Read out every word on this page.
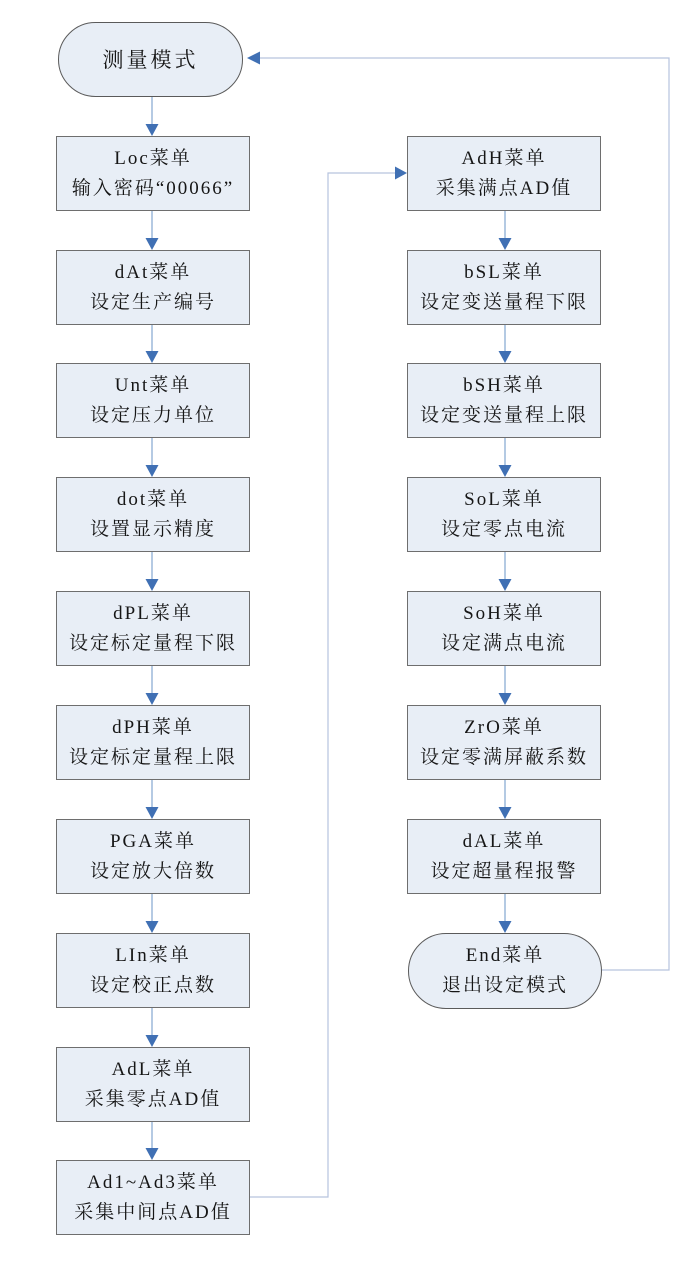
测量模式
Loc菜单
输入密码“00066”
dAt菜单
设定生产编号
Unt菜单
设定压力单位
dot菜单
设置显示精度
dPL菜单
设定标定量程下限
dPH菜单
设定标定量程上限
PGA菜单
设定放大倍数
LIn菜单
设定校正点数
AdL菜单
采集零点AD值
Ad1~Ad3菜单
采集中间点AD值
AdH菜单
采集满点AD值
bSL菜单
设定变送量程下限
bSH菜单
设定变送量程上限
SoL菜单
设定零点电流
SoH菜单
设定满点电流
ZrO菜单
设定零满屏蔽系数
dAL菜单
设定超量程报警
End菜单
退出设定模式
